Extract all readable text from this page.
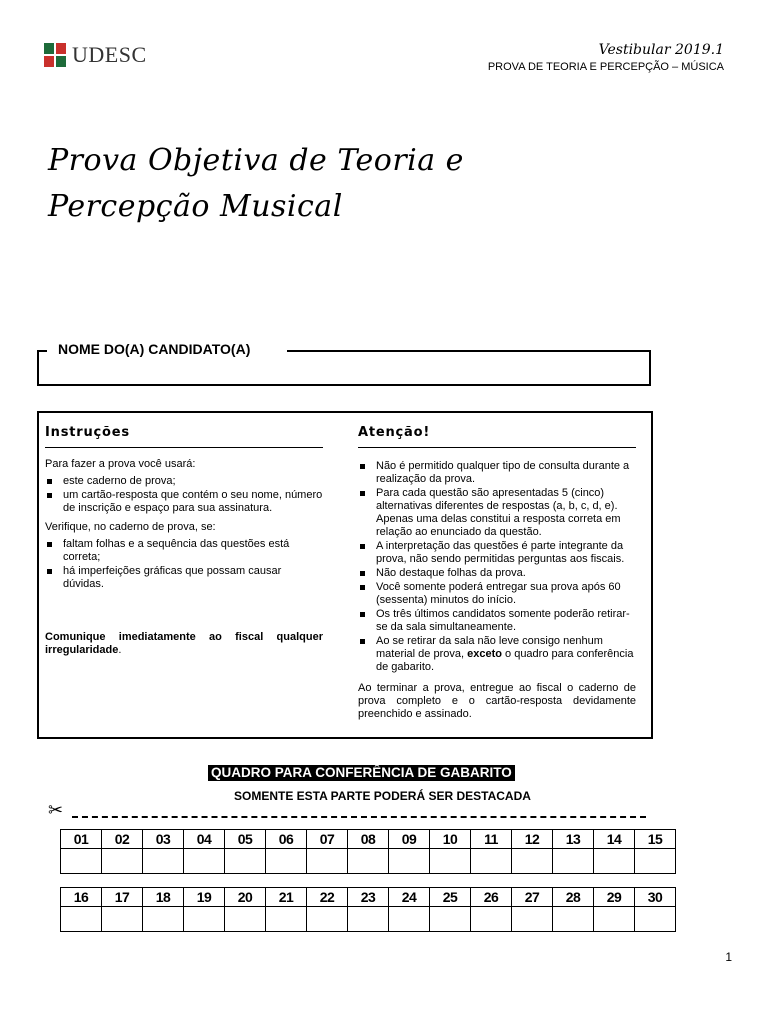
UDESC	Vestibular 2019.1
PROVA DE TEORIA E PERCEPÇÃO – MÚSICA
Prova Objetiva de Teoria e
Percepção Musical
NOME DO(A) CANDIDATO(A)
Instruções

Para fazer a prova você usará:

este caderno de prova;
um cartão-resposta que contém o seu nome, número de inscrição e espaço para sua assinatura.

Verifique, no caderno de prova, se:

faltam folhas e a sequência das questões está correta;
há imperfeições gráficas que possam causar dúvidas.

Comunique imediatamente ao fiscal qualquer irregularidade.

Atenção!
Não é permitido qualquer tipo de consulta durante a realização da prova.
Para cada questão são apresentadas 5 (cinco) alternativas diferentes de respostas (a, b, c, d, e). Apenas uma delas constitui a resposta correta em relação ao enunciado da questão.
A interpretação das questões é parte integrante da prova, não sendo permitidas perguntas aos fiscais.
Não destaque folhas da prova.
Você somente poderá entregar sua prova após 60 (sessenta) minutos do início.
Os três últimos candidatos somente poderão retirar-se da sala simultaneamente.
Ao se retirar da sala não leve consigo nenhum material de prova, exceto o quadro para conferência de gabarito.

Ao terminar a prova, entregue ao fiscal o caderno de prova completo e o cartão-resposta devidamente preenchido e assinado.

QUADRO PARA CONFERÊNCIA DE GABARITO
SOMENTE ESTA PARTE PODERÁ SER DESTACADA
✂
01	02	03	04	05	06	07	08	09	10	11	12	13	14	15

16	17	18	19	20	21	22	23	24	25	26	27	28	29	30

1
